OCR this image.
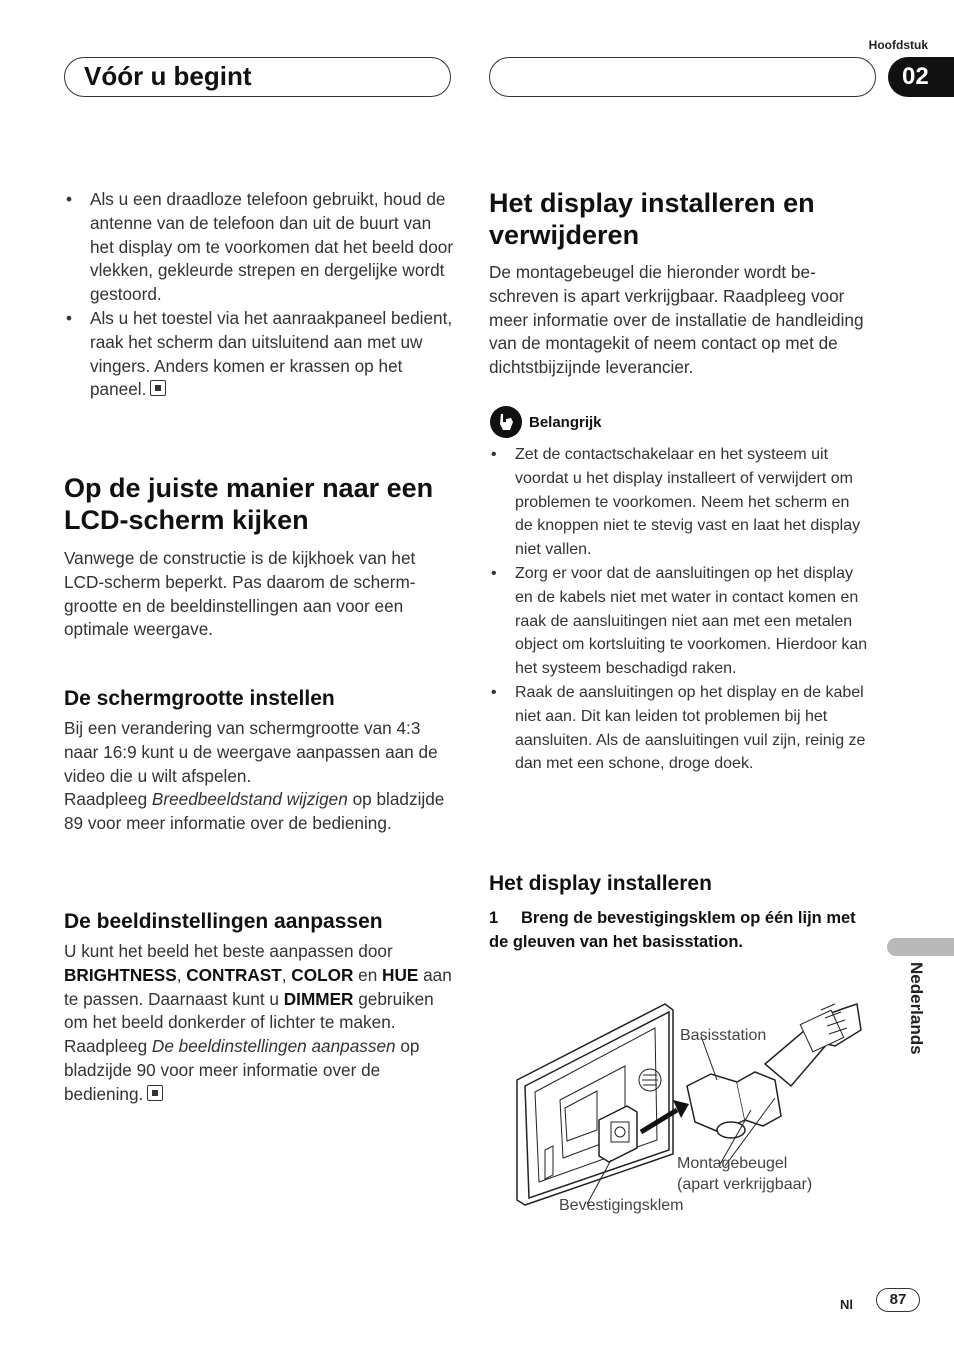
Vóór u begint
Hoofdstuk
02
• Als u een draadloze telefoon gebruikt, houd de antenne van de telefoon dan uit de buurt van het display om te voorkomen dat het beeld door vlekken, gekleurde strepen en dergelijke wordt gestoord.
• Als u het toestel via het aanraakpaneel bedient, raak het scherm dan uitsluitend aan met uw vingers. Anders komen er krassen op het paneel.
Op de juiste manier naar een LCD-scherm kijken

Vanwege de constructie is de kijkhoek van het LCD-scherm beperkt. Pas daarom de schermgrootte en de beeldinstellingen aan voor een optimale weergave.

De schermgrootte instellen

Bij een verandering van schermgrootte van 4:3 naar 16:9 kunt u de weergave aanpassen aan de video die u wilt afspelen.

Raadpleeg Breedbeeldstand wijzigen op bladzijde 89 voor meer informatie over de bediening.

De beeldinstellingen aanpassen

U kunt het beeld het beste aanpassen door BRIGHTNESS, CONTRAST, COLOR en HUE aan te passen. Daarnaast kunt u DIMMER gebruiken om het beeld donkerder of lichter te maken.

Raadpleeg De beeldinstellingen aanpassen op bladzijde 90 voor meer informatie over de bediening.

Het display installeren en verwijderen

De montagebeugel die hieronder wordt beschreven is apart verkrijgbaar. Raadpleeg voor meer informatie over de installatie de handleiding van de montagekit of neem contact op met de dichtstbijzijnde leverancier.

Belangrijk
• Zet de contactschakelaar en het systeem uit voordat u het display installeert of verwijdert om problemen te voorkomen. Neem het scherm en de knoppen niet te stevig vast en laat het display niet vallen.
• Zorg er voor dat de aansluitingen op het display en de kabels niet met water in contact komen en raak de aansluitingen niet aan met een metalen object om kortsluiting te voorkomen. Hierdoor kan het systeem beschadigd raken.
• Raak de aansluitingen op het display en de kabel niet aan. Dit kan leiden tot problemen bij het aansluiten. Als de aansluitingen vuil zijn, reinig ze dan met een schone, droge doek.
Het display installeren

1 Breng de bevestigingsklem op één lijn met de gleuven van het basisstation.

Basisstation
Montagebeugel
(apart verkrijgbaar)
Bevestigingsklem
Nederlands
Nl	87
